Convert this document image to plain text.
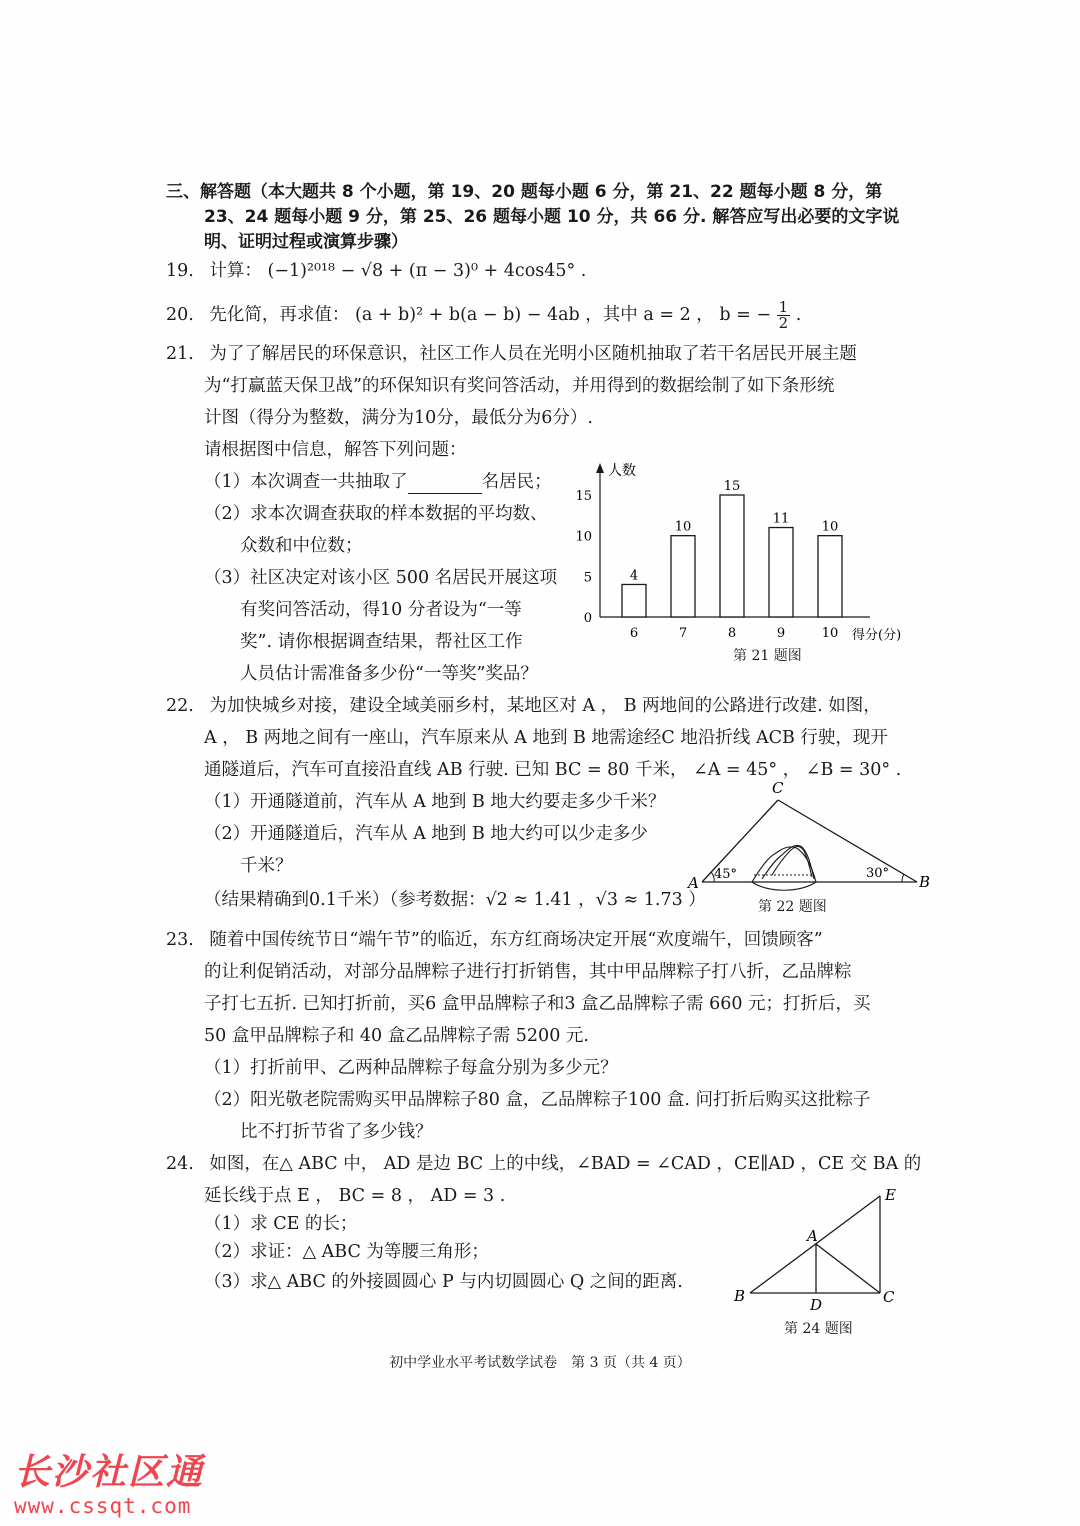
三、解答题（本大题共 8 个小题，第 19、20 题每小题 6 分，第 21、22 题每小题 8 分，第
23、24 题每小题 9 分，第 25、26 题每小题 10 分，共 66 分. 解答应写出必要的文字说
明、证明过程或演算步骤）
19. 计算： (−1)²⁰¹⁸ − √8 + (π − 3)⁰ + 4cos45° .
20. 先化简，再求值： (a + b)² + b(a − b) − 4ab ，其中 a = 2 ， b = − $\frac{1}{2}$ .
21. 为了了解居民的环保意识，社区工作人员在光明小区随机抽取了若干名居民开展主题
为“打赢蓝天保卫战”的环保知识有奖问答活动，并用得到的数据绘制了如下条形统
计图（得分为整数，满分为10分，最低分为6分）.
请根据图中信息，解答下列问题：
（1）本次调查一共抽取了	名居民；
（2）求本次调查获取的样本数据的平均数、
众数和中位数；
（3）社区决定对该小区 500 名居民开展这项
有奖问答活动，得10 分者设为“一等
奖”. 请你根据调查结果，帮社区工作
人员估计需准备多少份“一等奖”奖品？
人数
得分(分)
0
5
10
15
4
6
10
7
15
8
11
9
10
10
第 21 题图
22. 为加快城乡对接，建设全域美丽乡村，某地区对 A ， B 两地间的公路进行改建. 如图，
A ， B 两地之间有一座山，汽车原来从 A 地到 B 地需途经C 地沿折线 ACB 行驶，现开
通隧道后，汽车可直接沿直线 AB 行驶. 已知 BC = 80 千米， ∠A = 45° ， ∠B = 30° .
（1）开通隧道前，汽车从 A 地到 B 地大约要走多少千米？
（2）开通隧道后，汽车从 A 地到 B 地大约可以少走多少
千米？
（结果精确到0.1千米）（参考数据：√2 ≈ 1.41 ，√3 ≈ 1.73 ）
A	B
C
45°	30°
第 22 题图
23. 随着中国传统节日“端午节”的临近，东方红商场决定开展“欢度端午，回馈顾客”
的让利促销活动，对部分品牌粽子进行打折销售，其中甲品牌粽子打八折，乙品牌粽
子打七五折. 已知打折前，买6 盒甲品牌粽子和3 盒乙品牌粽子需 660 元；打折后，买
50 盒甲品牌粽子和 40 盒乙品牌粽子需 5200 元.
（1）打折前甲、乙两种品牌粽子每盒分别为多少元？
（2）阳光敬老院需购买甲品牌粽子80 盒，乙品牌粽子100 盒. 问打折后购买这批粽子
比不打折节省了多少钱？
24. 如图，在△ ABC 中， AD 是边 BC 上的中线，∠BAD = ∠CAD ，CE∥AD ，CE 交 BA 的
延长线于点 E ， BC = 8 ， AD = 3 .
（1）求 CE 的长；
（2）求证：△ ABC 为等腰三角形；
（3）求△ ABC 的外接圆圆心 P 与内切圆圆心 Q 之间的距离.
B	C
A
D
E
第 24 题图
初中学业水平考试数学试卷　第 3 页（共 4 页）
长沙社区通
www.cssqt.com
